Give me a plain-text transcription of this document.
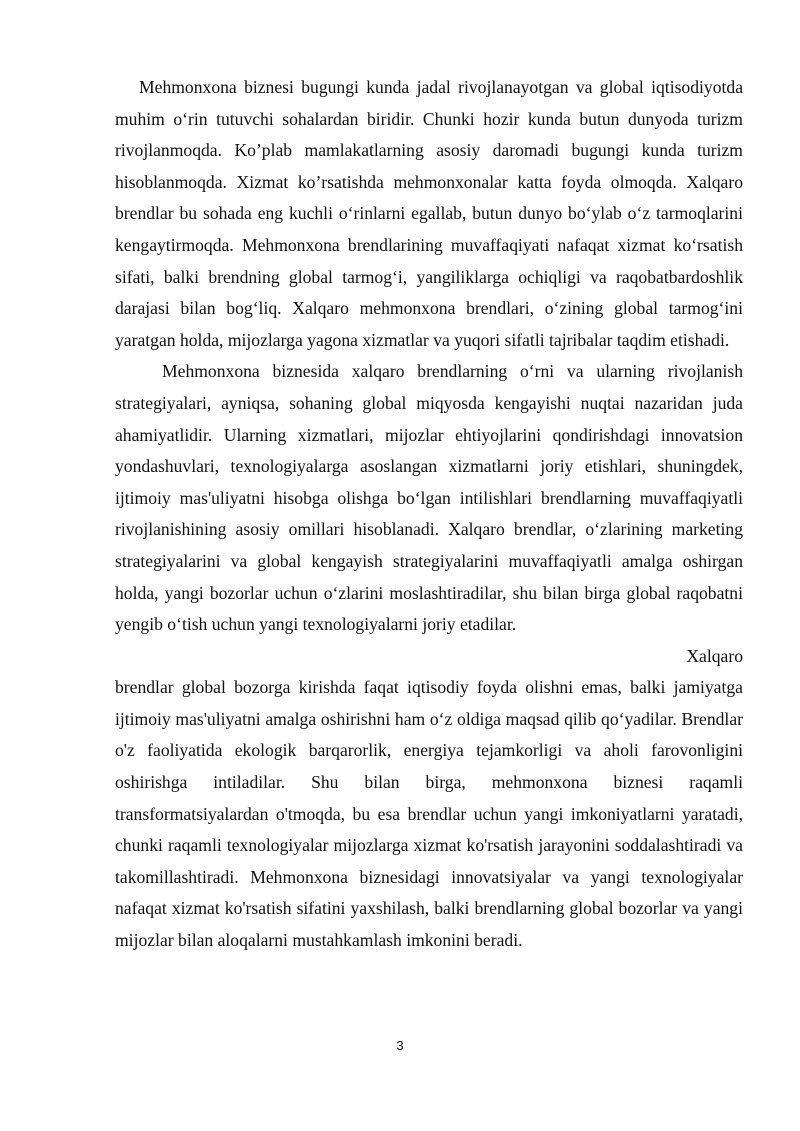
Mehmonxona biznesi bugungi kunda jadal rivojlanayotgan va global iqtisodiyotda muhim o‘rin tutuvchi sohalardan biridir. Chunki hozir kunda butun dunyoda turizm rivojlanmoqda. Ko’plab mamlakatlarning asosiy daromadi bugungi kunda turizm hisoblanmoqda. Xizmat ko’rsatishda mehmonxonalar katta foyda olmoqda. Xalqaro brendlar bu sohada eng kuchli o‘rinlarni egallab, butun dunyo bo‘ylab o‘z tarmoqlarini kengaytirmoqda. Mehmonxona brendlarining muvaffaqiyati nafaqat xizmat ko‘rsatish sifati, balki brendning global tarmog‘i, yangiliklarga ochiqligi va raqobatbardoshlik darajasi bilan bog‘liq. Xalqaro mehmonxona brendlari, o‘zining global tarmog‘ini yaratgan holda, mijozlarga yagona xizmatlar va yuqori sifatli tajribalar taqdim etishadi.

Mehmonxona biznesida xalqaro brendlarning o‘rni va ularning rivojlanish strategiyalari, ayniqsa, sohaning global miqyosda kengayishi nuqtai nazaridan juda ahamiyatlidir. Ularning xizmatlari, mijozlar ehtiyojlarini qondirishdagi innovatsion yondashuvlari, texnologiyalarga asoslangan xizmatlarni joriy etishlari, shuningdek, ijtimoiy mas'uliyatni hisobga olishga bo‘lgan intilishlari brendlarning muvaffaqiyatli rivojlanishining asosiy omillari hisoblanadi. Xalqaro brendlar, o‘zlarining marketing strategiyalarini va global kengayish strategiyalarini muvaffaqiyatli amalga oshirgan holda, yangi bozorlar uchun o‘zlarini moslashtiradilar, shu bilan birga global raqobatni yengib o‘tish uchun yangi texnologiyalarni joriy etadilar.

Xalqaro

brendlar global bozorga kirishda faqat iqtisodiy foyda olishni emas, balki jamiyatga ijtimoiy mas'uliyatni amalga oshirishni ham o‘z oldiga maqsad qilib qo‘yadilar. Brendlar o'z faoliyatida ekologik barqarorlik, energiya tejamkorligi va aholi farovonligini oshirishga intiladilar. Shu bilan birga, mehmonxona biznesi raqamli transformatsiyalardan o'tmoqda, bu esa brendlar uchun yangi imkoniyatlarni yaratadi, chunki raqamli texnologiyalar mijozlarga xizmat ko'rsatish jarayonini soddalashtiradi va takomillashtiradi. Mehmonxona biznesidagi innovatsiyalar va yangi texnologiyalar nafaqat xizmat ko'rsatish sifatini yaxshilash, balki brendlarning global bozorlar va yangi mijozlar bilan aloqalarni mustahkamlash imkonini beradi.

3
